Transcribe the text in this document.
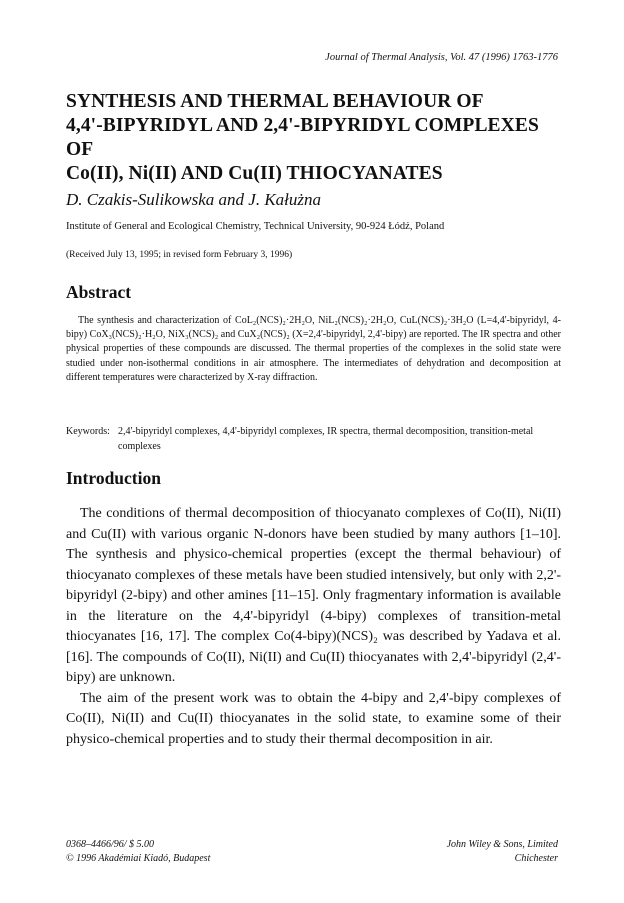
Journal of Thermal Analysis, Vol. 47 (1996) 1763-1776
SYNTHESIS AND THERMAL BEHAVIOUR OF
4,4'-BIPYRIDYL AND 2,4'-BIPYRIDYL COMPLEXES OF
Co(II), Ni(II) AND Cu(II) THIOCYANATES
D. Czakis-Sulikowska and J. Kałużna
Institute of General and Ecological Chemistry, Technical University, 90-924 Łódź, Poland
(Received July 13, 1995; in revised form February 3, 1996)
Abstract
The synthesis and characterization of CoL₂(NCS)₂·2H₂O, NiL₂(NCS)₂·2H₂O, CuL(NCS)₂·3H₂O (L=4,4'-bipyridyl, 4-bipy) CoX₃(NCS)₂·H₂O, NiX₃(NCS)₂ and CuX₂(NCS)₂ (X=2,4'-bipyridyl, 2,4'-bipy) are reported. The IR spectra and other physical properties of these compounds are discussed. The thermal properties of the complexes in the solid state were studied under non-isothermal conditions in air atmosphere. The intermediates of dehydration and decomposition at different temperatures were characterized by X-ray diffraction.
Keywords: 2,4'-bipyridyl complexes, 4,4'-bipyridyl complexes, IR spectra, thermal decomposition, transition-metal complexes
Introduction

The conditions of thermal decomposition of thiocyanato complexes of Co(II), Ni(II) and Cu(II) with various organic N-donors have been studied by many authors [1–10]. The synthesis and physico-chemical properties (except the thermal behaviour) of thiocyanato complexes of these metals have been studied intensively, but only with 2,2'-bipyridyl (2-bipy) and other amines [11–15]. Only fragmentary information is available in the literature on the 4,4'-bipyridyl (4-bipy) complexes of transition-metal thiocyanates [16, 17]. The complex Co(4-bipy)(NCS)₂ was described by Yadava et al. [16]. The compounds of Co(II), Ni(II) and Cu(II) thiocyanates with 2,4'-bipyridyl (2,4'-bipy) are unknown.

The aim of the present work was to obtain the 4-bipy and 2,4'-bipy complexes of Co(II), Ni(II) and Cu(II) thiocyanates in the solid state, to examine some of their physico-chemical properties and to study their thermal decomposition in air.

0368–4466/96/ $ 5.00
© 1996 Akadémiai Kiadó, Budapest
John Wiley & Sons, Limited
Chichester
